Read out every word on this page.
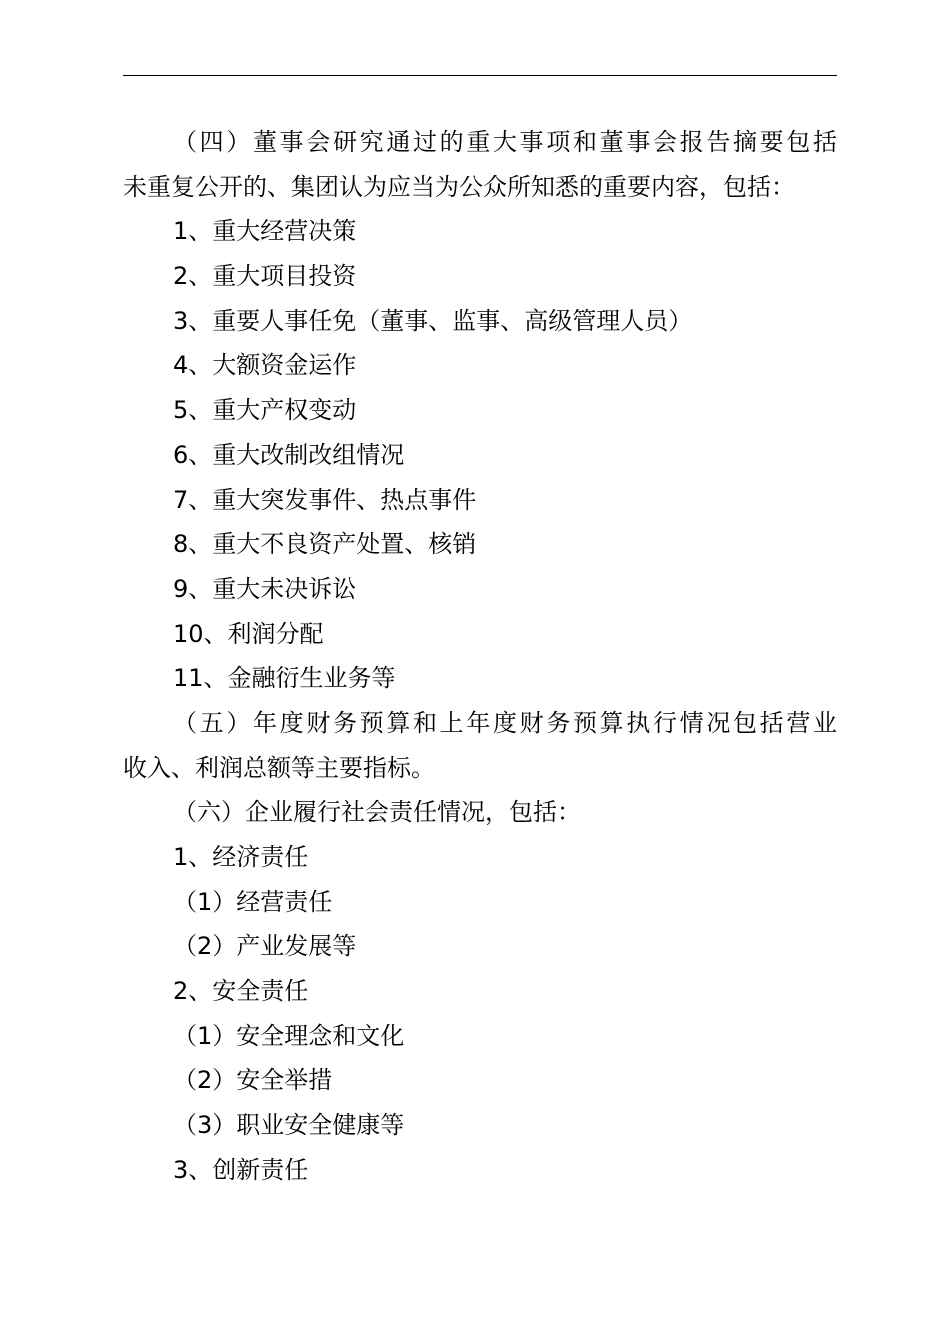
（四）董事会研究通过的重大事项和董事会报告摘要包括
未重复公开的、集团认为应当为公众所知悉的重要内容，包括：
1、重大经营决策
2、重大项目投资
3、重要人事任免（董事、监事、高级管理人员）
4、大额资金运作
5、重大产权变动
6、重大改制改组情况
7、重大突发事件、热点事件
8、重大不良资产处置、核销
9、重大未决诉讼
10、利润分配
11、金融衍生业务等
（五）年度财务预算和上年度财务预算执行情况包括营业
收入、利润总额等主要指标。
（六）企业履行社会责任情况，包括：
1、经济责任
（1）经营责任
（2）产业发展等
2、安全责任
（1）安全理念和文化
（2）安全举措
（3）职业安全健康等
3、创新责任
